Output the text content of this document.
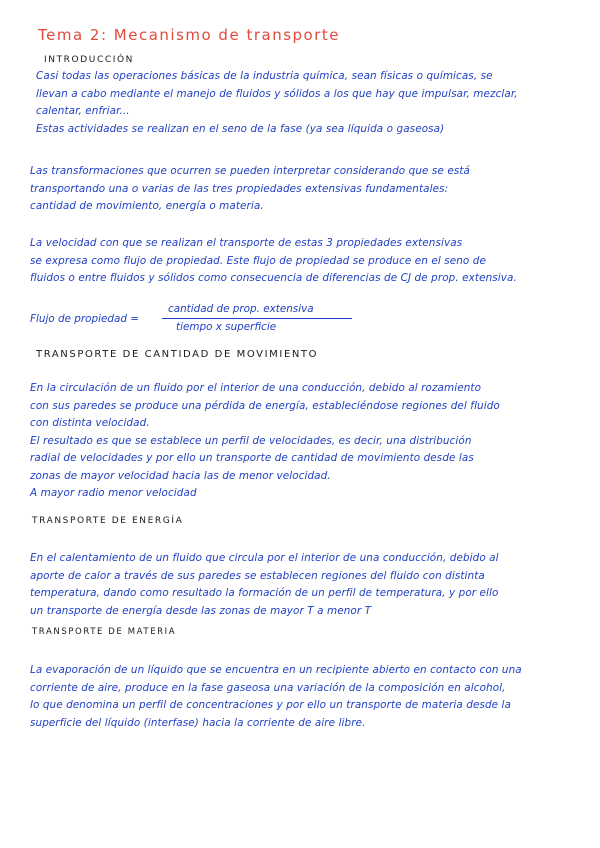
Tema 2: Mecanismo de transporte
INTRODUCCIÓN
Casi todas las operaciones básicas de la industria química, sean físicas o químicas, se
llevan a cabo mediante el manejo de fluidos y sólidos a los que hay que impulsar, mezclar,
calentar, enfriar...
Estas actividades se realizan en el seno de la fase (ya sea líquida o gaseosa)
Las transformaciones que ocurren se pueden interpretar considerando que se está
transportando una o varias de las tres propiedades extensivas fundamentales:
cantidad de movimiento, energía o materia.
La velocidad con que se realizan el transporte de estas 3 propiedades extensivas
se expresa como flujo de propiedad. Este flujo de propiedad se produce en el seno de
fluidos o entre fluidos y sólidos como consecuencia de diferencias de CJ de prop. extensiva.
Flujo de propiedad =
cantidad de prop. extensiva
tiempo x superficie
TRANSPORTE DE CANTIDAD DE MOVIMIENTO
En la circulación de un fluido por el interior de una conducción, debido al rozamiento
con sus paredes se produce una pérdida de energía, estableciéndose regiones del fluido
con distinta velocidad.
El resultado es que se establece un perfil de velocidades, es decir, una distribución
radial de velocidades y por ello un transporte de cantidad de movimiento desde las
zonas de mayor velocidad hacia las de menor velocidad.
A mayor radio menor velocidad
TRANSPORTE DE ENERGÍA
En el calentamiento de un fluido que circula por el interior de una conducción, debido al
aporte de calor a través de sus paredes se establecen regiones del fluido con distinta
temperatura, dando como resultado la formación de un perfil de temperatura, y por ello
un transporte de energía desde las zonas de mayor T a menor T
TRANSPORTE DE MATERIA
La evaporación de un líquido que se encuentra en un recipiente abierto en contacto con una
corriente de aire, produce en la fase gaseosa una variación de la composición en alcohol,
lo que denomina un perfil de concentraciones y por ello un transporte de materia desde la
superficie del líquido (interfase) hacia la corriente de aire libre.
